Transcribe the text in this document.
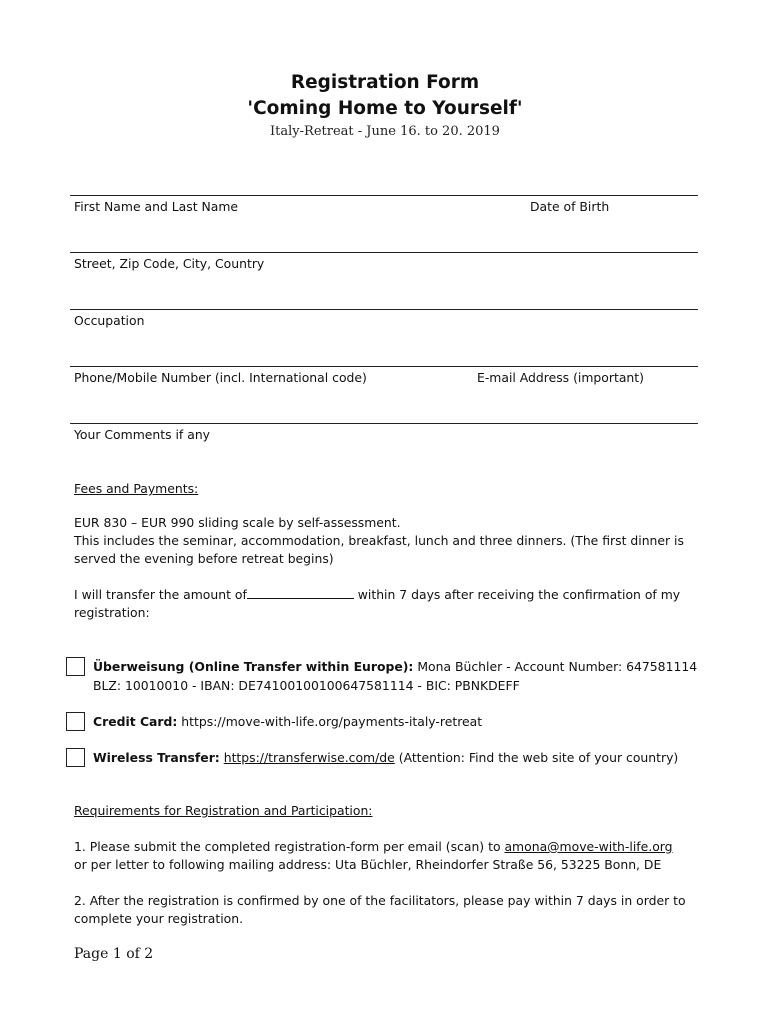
Registration Form
'Coming Home to Yourself'
Italy-Retreat - June 16. to 20. 2019
First Name and Last Name	Date of Birth
Street, Zip Code, City, Country
Occupation
Phone/Mobile Number (incl. International code)	E-mail Address (important)
Your Comments if any
Fees and Payments:
EUR 830 – EUR 990 sliding scale by self-assessment.
This includes the seminar, accommodation, breakfast, lunch and three dinners. (The first dinner is
served the evening before retreat begins)
I will transfer the amount of	within 7 days after receiving the confirmation of my
registration:
Überweisung (Online Transfer within Europe): Mona Büchler - Account Number: 647581114
BLZ: 10010010 - IBAN: DE74100100100647581114 - BIC: PBNKDEFF
Credit Card: https://move-with-life.org/payments-italy-retreat
Wireless Transfer: https://transferwise.com/de (Attention: Find the web site of your country)
Requirements for Registration and Participation:
1. Please submit the completed registration-form per email (scan) to amona@move-with-life.org
or per letter to following mailing address: Uta Büchler, Rheindorfer Straße 56, 53225 Bonn, DE
2. After the registration is confirmed by one of the facilitators, please pay within 7 days in order to
complete your registration.
Page 1 of 2
